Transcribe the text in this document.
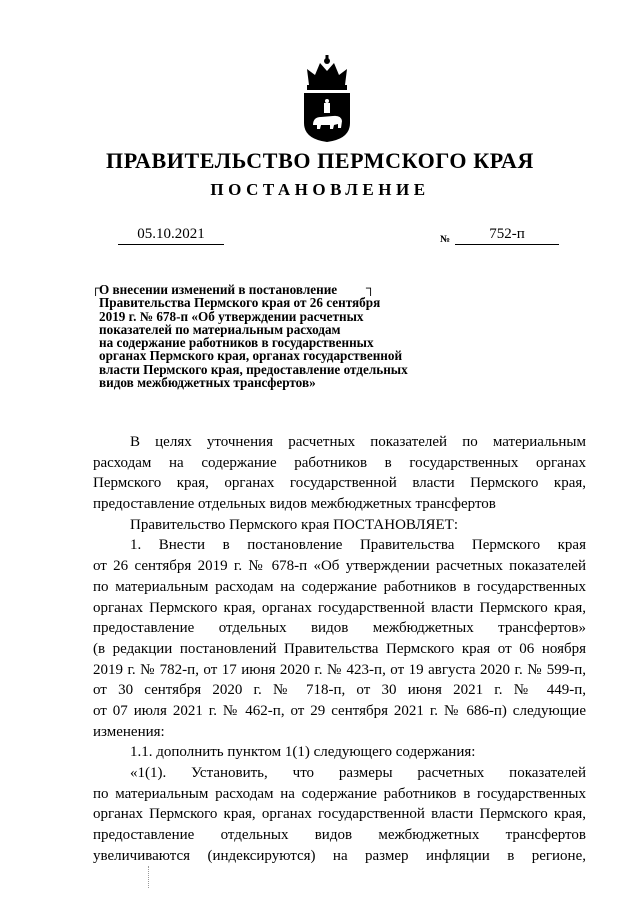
ПРАВИТЕЛЬСТВО ПЕРМСКОГО КРАЯ
ПОСТАНОВЛЕНИЕ
05.10.2021	№	752-п
┌	┐
О внесении изменений в постановление
Правительства Пермского края от 26 сентября
2019 г. № 678-п «Об утверждении расчетных
показателей по материальным расходам
на содержание работников в государственных
органах Пермского края, органах государственной
власти Пермского края, предоставление отдельных
видов межбюджетных трансфертов»
В целях уточнения расчетных показателей по материальным
расходам на содержание работников в государственных органах
Пермского края, органах государственной власти Пермского края,
предоставление отдельных видов межбюджетных трансфертов
Правительство Пермского края ПОСТАНОВЛЯЕТ:
1. Внести в постановление Правительства Пермского края
от 26 сентября 2019 г. № 678-п «Об утверждении расчетных показателей
по материальным расходам на содержание работников в государственных
органах Пермского края, органах государственной власти Пермского края,
предоставление отдельных видов межбюджетных трансфертов»
(в редакции постановлений Правительства Пермского края от 06 ноября
2019 г. № 782-п, от 17 июня 2020 г. № 423-п, от 19 августа 2020 г. № 599-п,
от 30 сентября 2020 г. № 718-п, от 30 июня 2021 г. № 449-п,
от 07 июля 2021 г. № 462-п, от 29 сентября 2021 г. № 686-п) следующие
изменения:
1.1. дополнить пунктом 1(1) следующего содержания:
«1(1). Установить, что размеры расчетных показателей
по материальным расходам на содержание работников в государственных
органах Пермского края, органах государственной власти Пермского края,
предоставление отдельных видов межбюджетных трансфертов
увеличиваются (индексируются) на размер инфляции в регионе,
